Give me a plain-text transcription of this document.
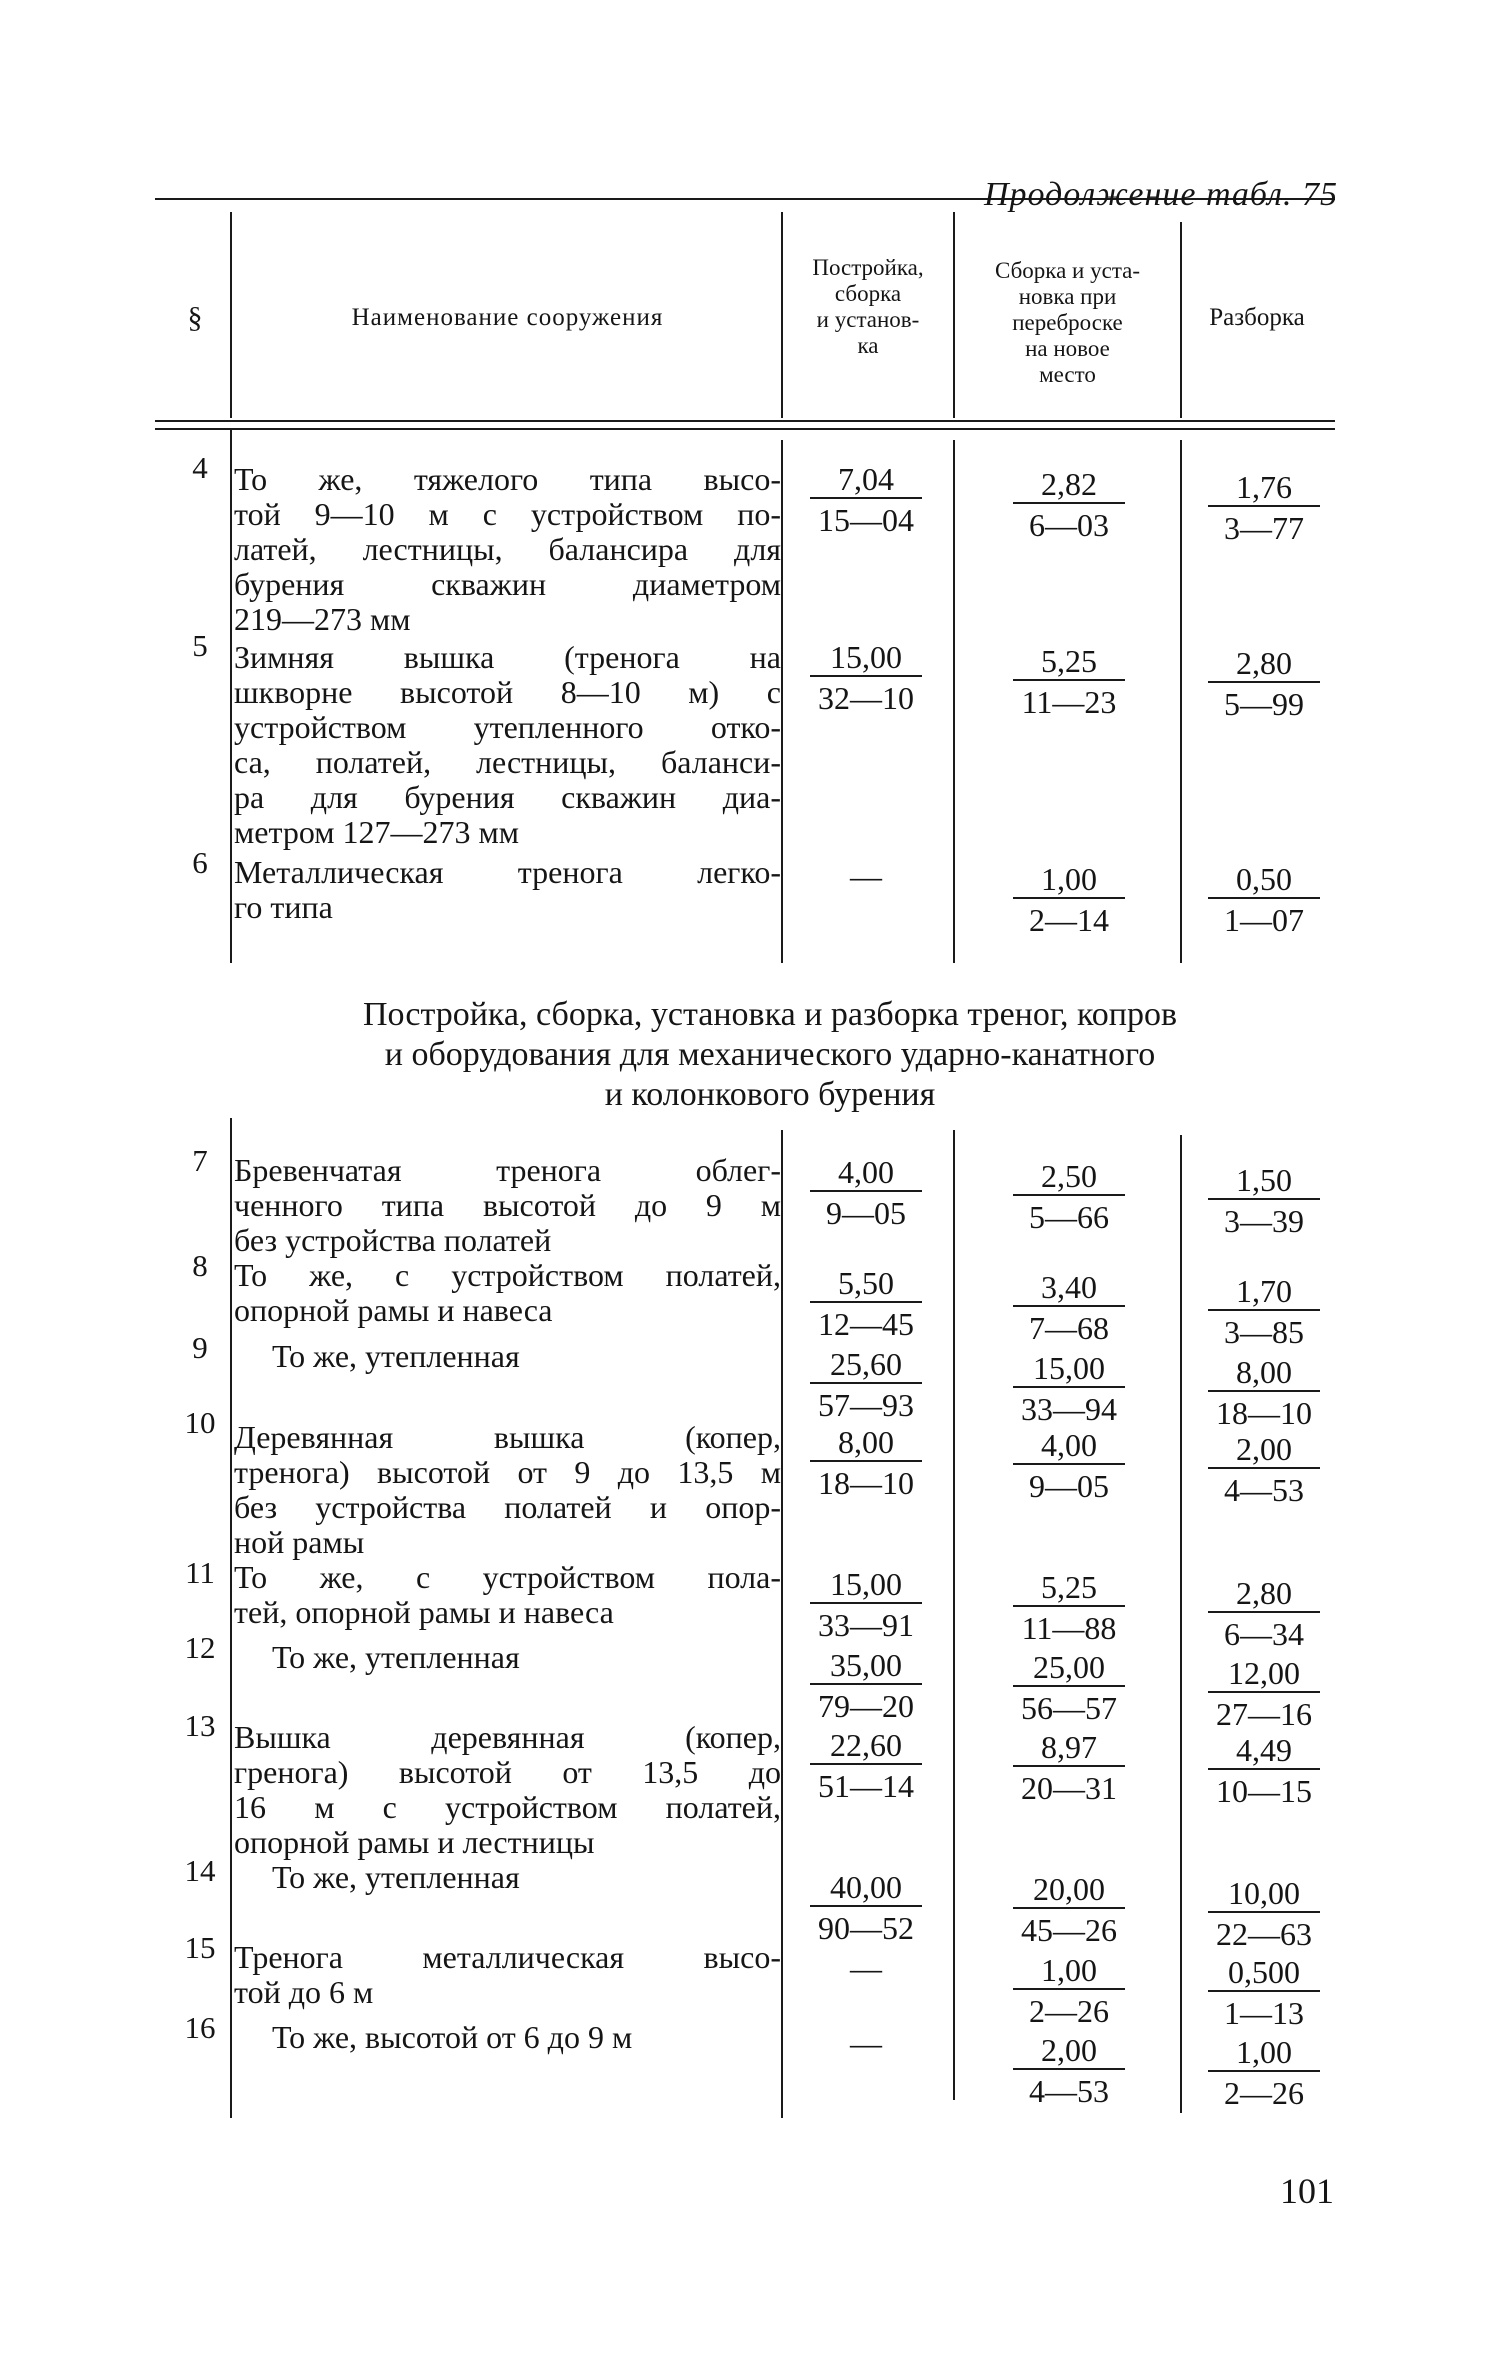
Продолжение табл. 75
§	Наименование сооружения
Постройка,
сборка
и установ-
ка
Сборка и уста-
новка при
переброске
на новое
место
Разборка
4 То же, тяжелого типа высо-
той 9—10 м с устройством по-
латей, лестницы, балансира для
бурения скважин диаметром
219—273 мм
$\frac{7,04}{15—04}$	$\frac{2,82}{6—03}$	$\frac{1,76}{3—77}$
5 Зимняя вышка (тренога на
шкворне высотой 8—10 м) с
устройством утепленного отко-
са, полатей, лестницы, баланси-
ра для бурения скважин диа-
метром 127—273 мм
$\frac{15,00}{32—10}$	$\frac{5,25}{11—23}$	$\frac{2,80}{5—99}$
6 Металлическая тренога легко-
го типа
—	$\frac{1,00}{2—14}$	$\frac{0,50}{1—07}$
Постройка, сборка, установка и разборка треног, копров
и оборудования для механического ударно-канатного
и колонкового бурения
7 Бревенчатая тренога облег-
ченного типа высотой до 9 м
без устройства полатей
$\frac{4,00}{9—05}$	$\frac{2,50}{5—66}$	$\frac{1,50}{3—39}$
8 То же, с устройством полатей,
опорной рамы и навеса	$\frac{5,50}{12—45}$	$\frac{3,40}{7—68}$	$\frac{1,70}{3—85}$
9	То же, утепленная	$\frac{25,60}{57—93}$	$\frac{15,00}{33—94}$	$\frac{8,00}{18—10}$
10 Деревянная вышка (копер,
тренога) высотой от 9 до 13,5 м
без устройства полатей и опор-
ной рамы
$\frac{8,00}{18—10}$	$\frac{4,00}{9—05}$	$\frac{2,00}{4—53}$
11 То же, с устройством пола-
тей, опорной рамы и навеса	$\frac{15,00}{33—91}$	$\frac{5,25}{11—88}$	$\frac{2,80}{6—34}$
12	То же, утепленная	$\frac{35,00}{79—20}$	$\frac{25,00}{56—57}$	$\frac{12,00}{27—16}$
13 Вышка деревянная (копер,
гренога) высотой от 13,5 до
16 м с устройством полатей,
опорной рамы и лестницы
$\frac{22,60}{51—14}$	$\frac{8,97}{20—31}$	$\frac{4,49}{10—15}$
14	То же, утепленная	$\frac{40,00}{90—52}$	$\frac{20,00}{45—26}$	$\frac{10,00}{22—63}$
15 Тренога металлическая высо-
той до 6 м
—	$\frac{1,00}{2—26}$	$\frac{0,500}{1—13}$
16	То же, высотой от 6 до 9 м	—	$\frac{2,00}{4—53}$	$\frac{1,00}{2—26}$
101
